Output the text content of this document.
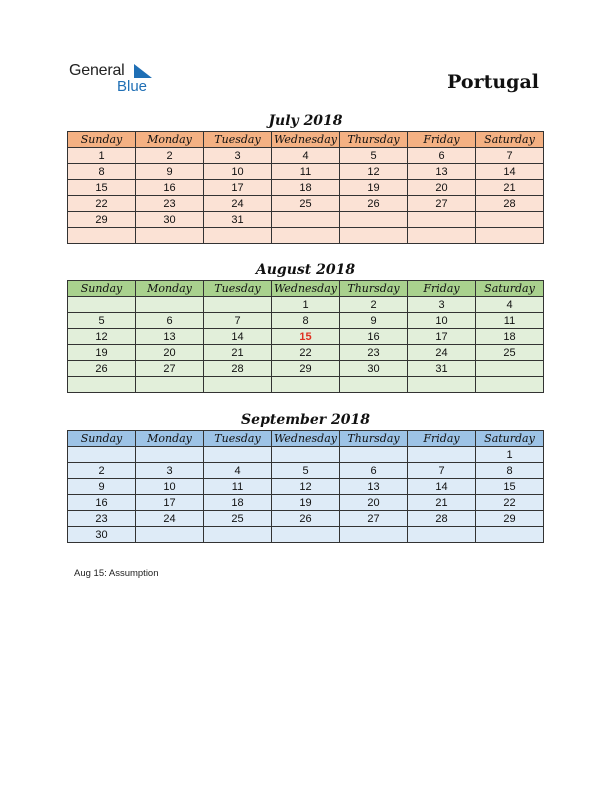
General
Blue	Portugal
July 2018
Sunday	Monday	Tuesday	Wednesday	Thursday	Friday	Saturday
1	2	3	4	5	6	7
8	9	10	11	12	13	14
15	16	17	18	19	20	21
22	23	24	25	26	27	28
29	30	31				

August 2018
Sunday	Monday	Tuesday	Wednesday	Thursday	Friday	Saturday
			1	2	3	4
5	6	7	8	9	10	11
12	13	14	15	16	17	18
19	20	21	22	23	24	25
26	27	28	29	30	31	

September 2018
Sunday	Monday	Tuesday	Wednesday	Thursday	Friday	Saturday
						1
2	3	4	5	6	7	8
9	10	11	12	13	14	15
16	17	18	19	20	21	22
23	24	25	26	27	28	29
30						
Aug 15: Assumption
